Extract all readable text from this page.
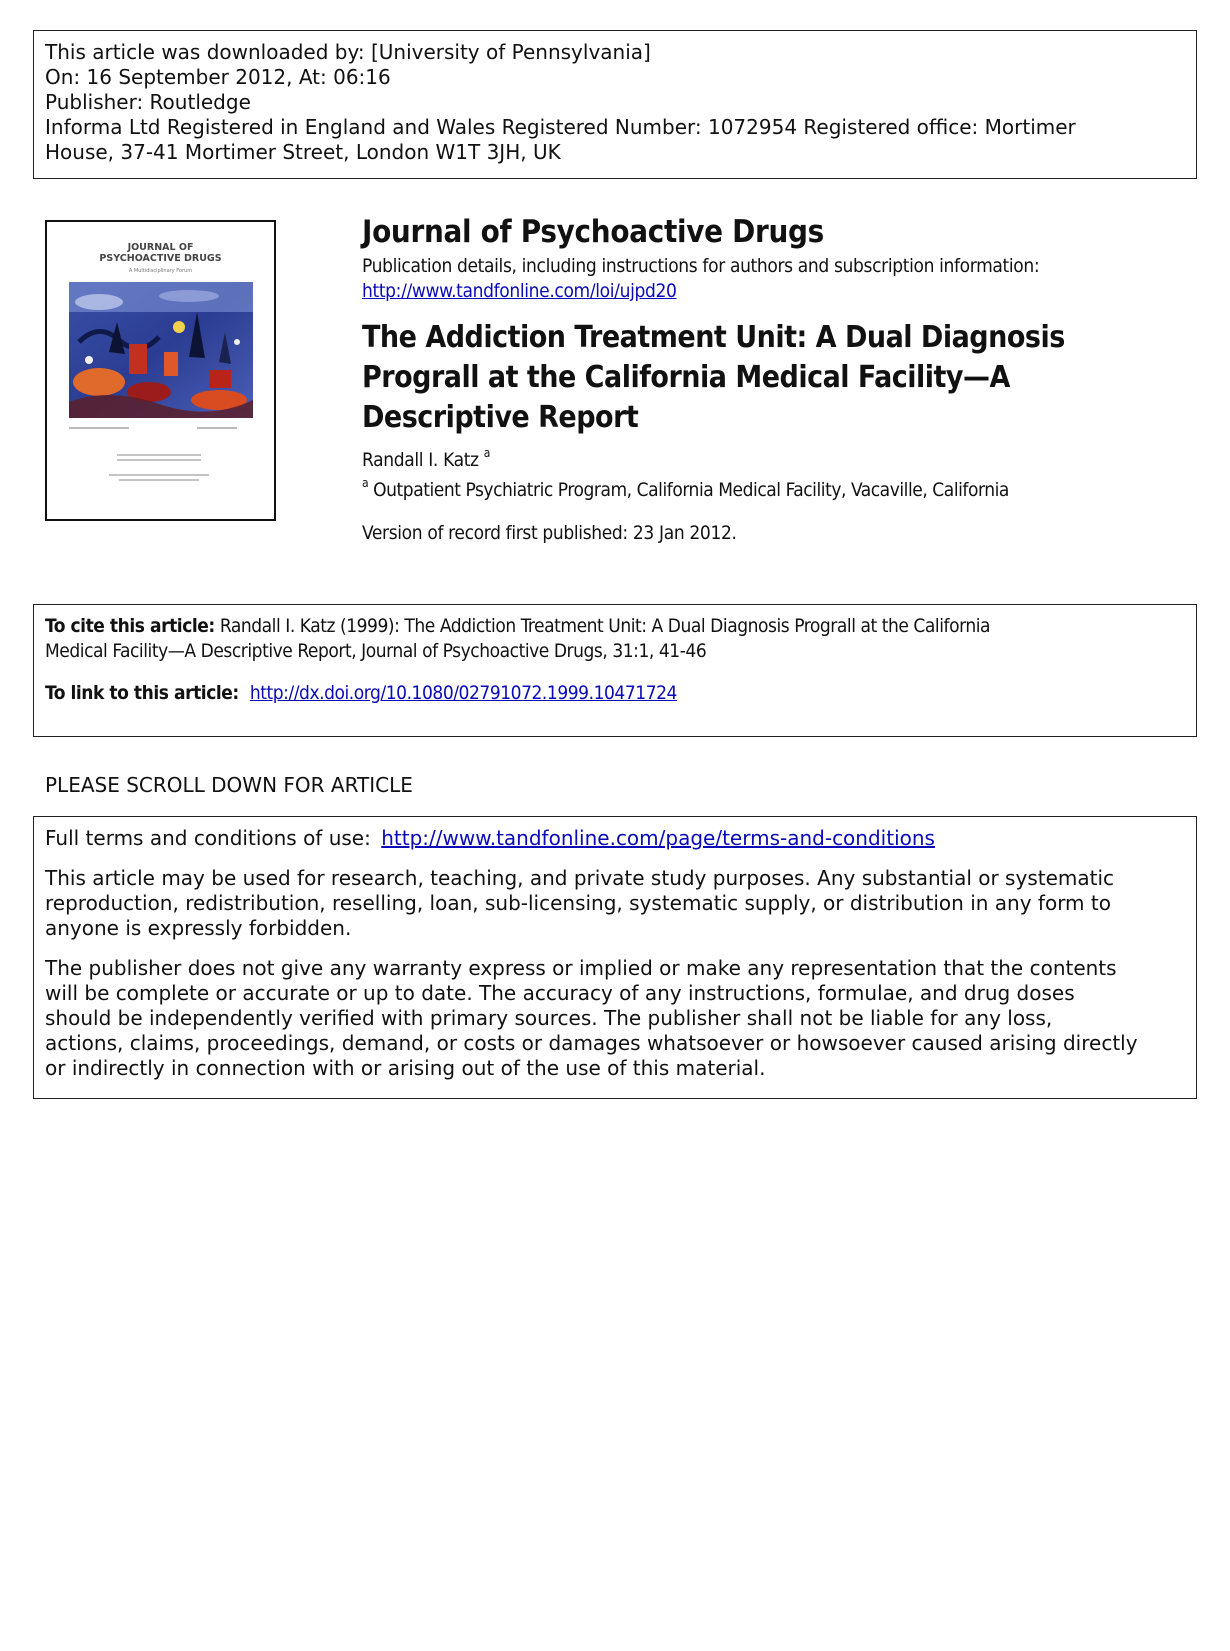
This article was downloaded by: [University of Pennsylvania]
On: 16 September 2012, At: 06:16
Publisher: Routledge
Informa Ltd Registered in England and Wales Registered Number: 1072954 Registered office: Mortimer
House, 37-41 Mortimer Street, London W1T 3JH, UK
JOURNAL OF
PSYCHOACTIVE DRUGS
A Multidisciplinary Forum
Journal of Psychoactive Drugs
Publication details, including instructions for authors and subscription information:
http://www.tandfonline.com/loi/ujpd20
The Addiction Treatment Unit: A Dual Diagnosis
Prograll at the California Medical Facility—A
Descriptive Report
Randall I. Katz $^a$
$^a$ Outpatient Psychiatric Program, California Medical Facility, Vacaville, California
Version of record first published: 23 Jan 2012.
To cite this article: Randall I. Katz (1999): The Addiction Treatment Unit: A Dual Diagnosis Prograll at the California
Medical Facility—A Descriptive Report, Journal of Psychoactive Drugs, 31:1, 41-46
To link to this article: http://dx.doi.org/10.1080/02791072.1999.10471724
PLEASE SCROLL DOWN FOR ARTICLE
Full terms and conditions of use: http://www.tandfonline.com/page/terms-and-conditions
This article may be used for research, teaching, and private study purposes. Any substantial or systematic
reproduction, redistribution, reselling, loan, sub-licensing, systematic supply, or distribution in any form to
anyone is expressly forbidden.
The publisher does not give any warranty express or implied or make any representation that the contents
will be complete or accurate or up to date. The accuracy of any instructions, formulae, and drug doses
should be independently verified with primary sources. The publisher shall not be liable for any loss,
actions, claims, proceedings, demand, or costs or damages whatsoever or howsoever caused arising directly
or indirectly in connection with or arising out of the use of this material.
